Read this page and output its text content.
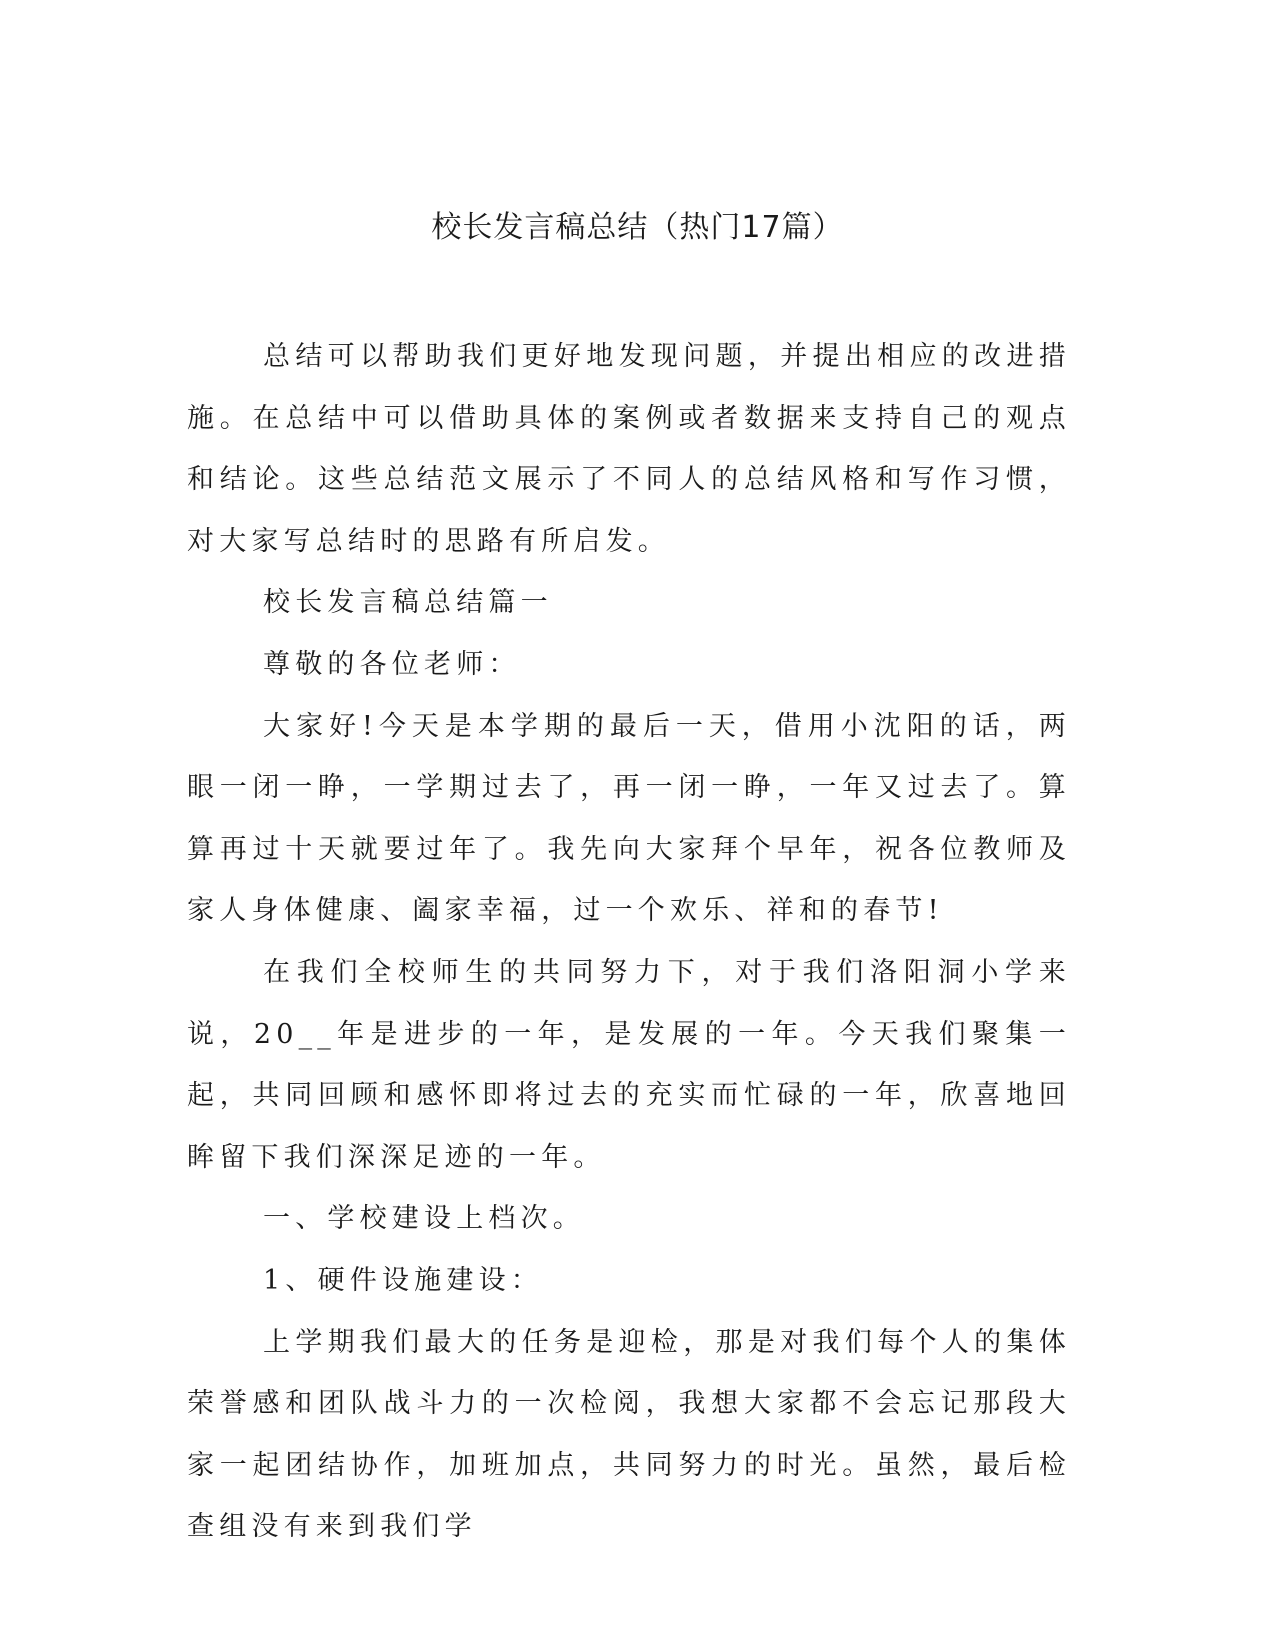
校长发言稿总结（热门17篇）

总结可以帮助我们更好地发现问题，并提出相应的改进措施。在总结中可以借助具体的案例或者数据来支持自己的观点和结论。这些总结范文展示了不同人的总结风格和写作习惯，对大家写总结时的思路有所启发。

校长发言稿总结篇一

尊敬的各位老师：

大家好!今天是本学期的最后一天，借用小沈阳的话，两眼一闭一睁，一学期过去了，再一闭一睁，一年又过去了。算算再过十天就要过年了。我先向大家拜个早年，祝各位教师及家人身体健康、阖家幸福，过一个欢乐、祥和的春节!

在我们全校师生的共同努力下，对于我们洛阳洞小学来说，20__年是进步的一年，是发展的一年。今天我们聚集一起，共同回顾和感怀即将过去的充实而忙碌的一年，欣喜地回眸留下我们深深足迹的一年。

一、学校建设上档次。

1、硬件设施建设：

上学期我们最大的任务是迎检，那是对我们每个人的集体荣誉感和团队战斗力的一次检阅，我想大家都不会忘记那段大家一起团结协作，加班加点，共同努力的时光。虽然，最后检查组没有来到我们学
